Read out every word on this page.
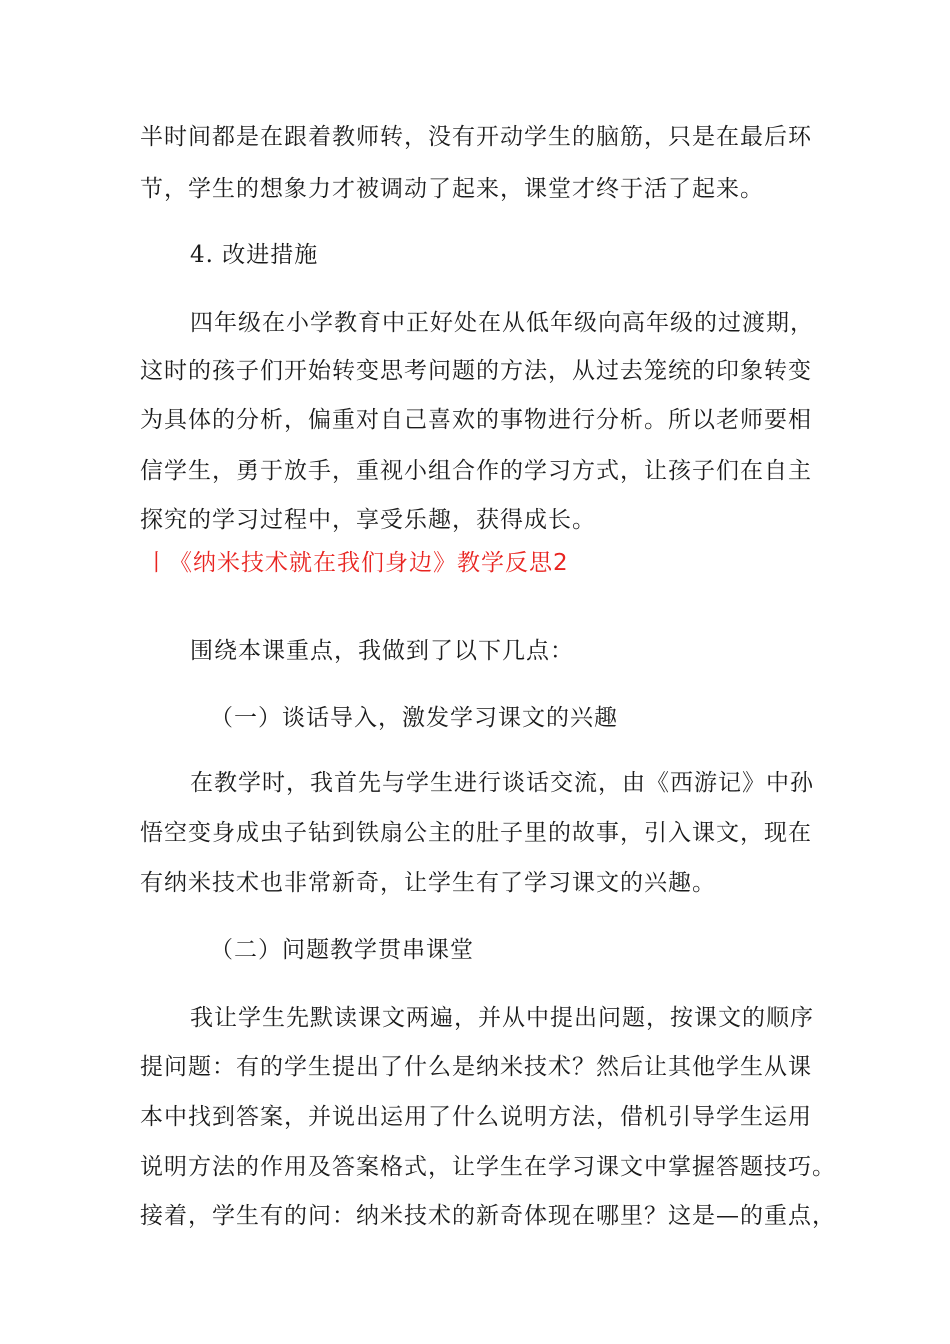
半时间都是在跟着教师转，没有开动学生的脑筋，只是在最后环
节，学生的想象力才被调动了起来，课堂才终于活了起来。
4. 改进措施
四年级在小学教育中正好处在从低年级向高年级的过渡期，
这时的孩子们开始转变思考问题的方法，从过去笼统的印象转变
为具体的分析，偏重对自己喜欢的事物进行分析。所以老师要相
信学生，勇于放手，重视小组合作的学习方式，让孩子们在自主
探究的学习过程中，享受乐趣，获得成长。
丨《纳米技术就在我们身边》教学反思2
围绕本课重点，我做到了以下几点：
（一）谈话导入，激发学习课文的兴趣
在教学时，我首先与学生进行谈话交流，由《西游记》中孙
悟空变身成虫子钻到铁扇公主的肚子里的故事，引入课文，现在
有纳米技术也非常新奇，让学生有了学习课文的兴趣。
（二）问题教学贯串课堂
我让学生先默读课文两遍，并从中提出问题，按课文的顺序
提问题：有的学生提出了什么是纳米技术？然后让其他学生从课
本中找到答案，并说出运用了什么说明方法，借机引导学生运用
说明方法的作用及答案格式，让学生在学习课文中掌握答题技巧。
接着，学生有的问：纳米技术的新奇体现在哪里？这是—的重点，
